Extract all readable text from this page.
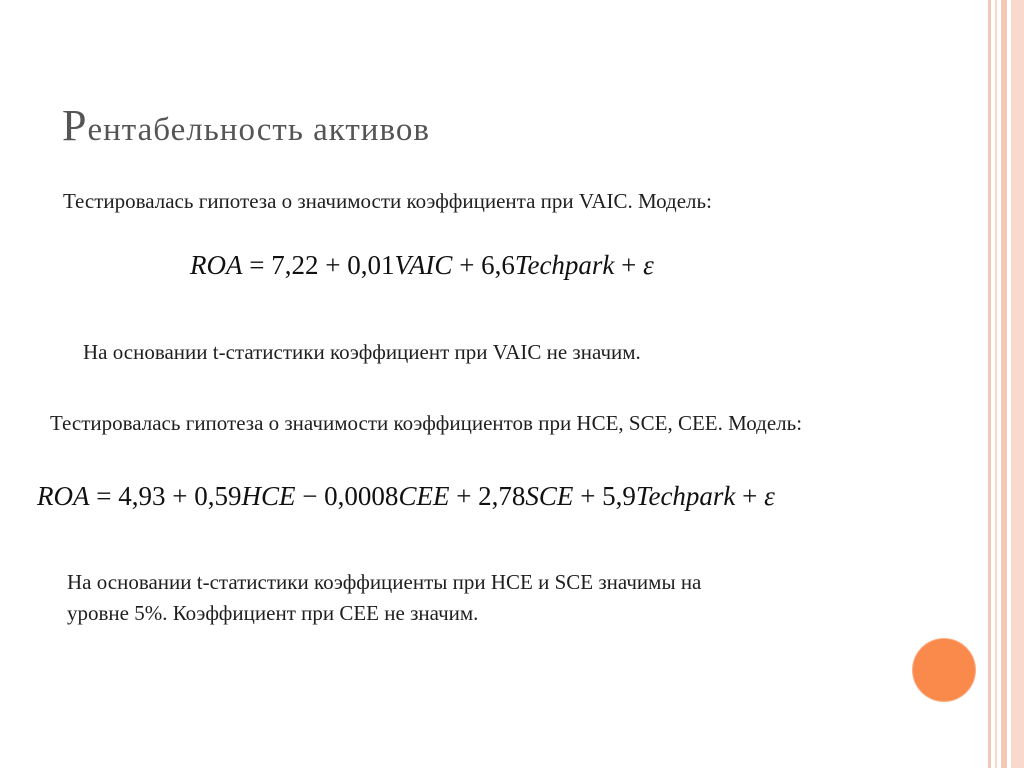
Рентабельность активов
Тестировалась гипотеза о значимости коэффициента при VAIC. Модель:
ROA = 7,22 + 0,01VAIC + 6,6Techpark + ε
На основании t-статистики коэффициент при VAIC не значим.
Тестировалась гипотеза о значимости коэффициентов при HCE, SCE, CEE. Модель:
ROA = 4,93 + 0,59HCE − 0,0008CEE + 2,78SCE + 5,9Techpark + ε
На основании t-статистики коэффициенты при HCE и SCE значимы на
уровне 5%. Коэффициент при CEE не значим.
